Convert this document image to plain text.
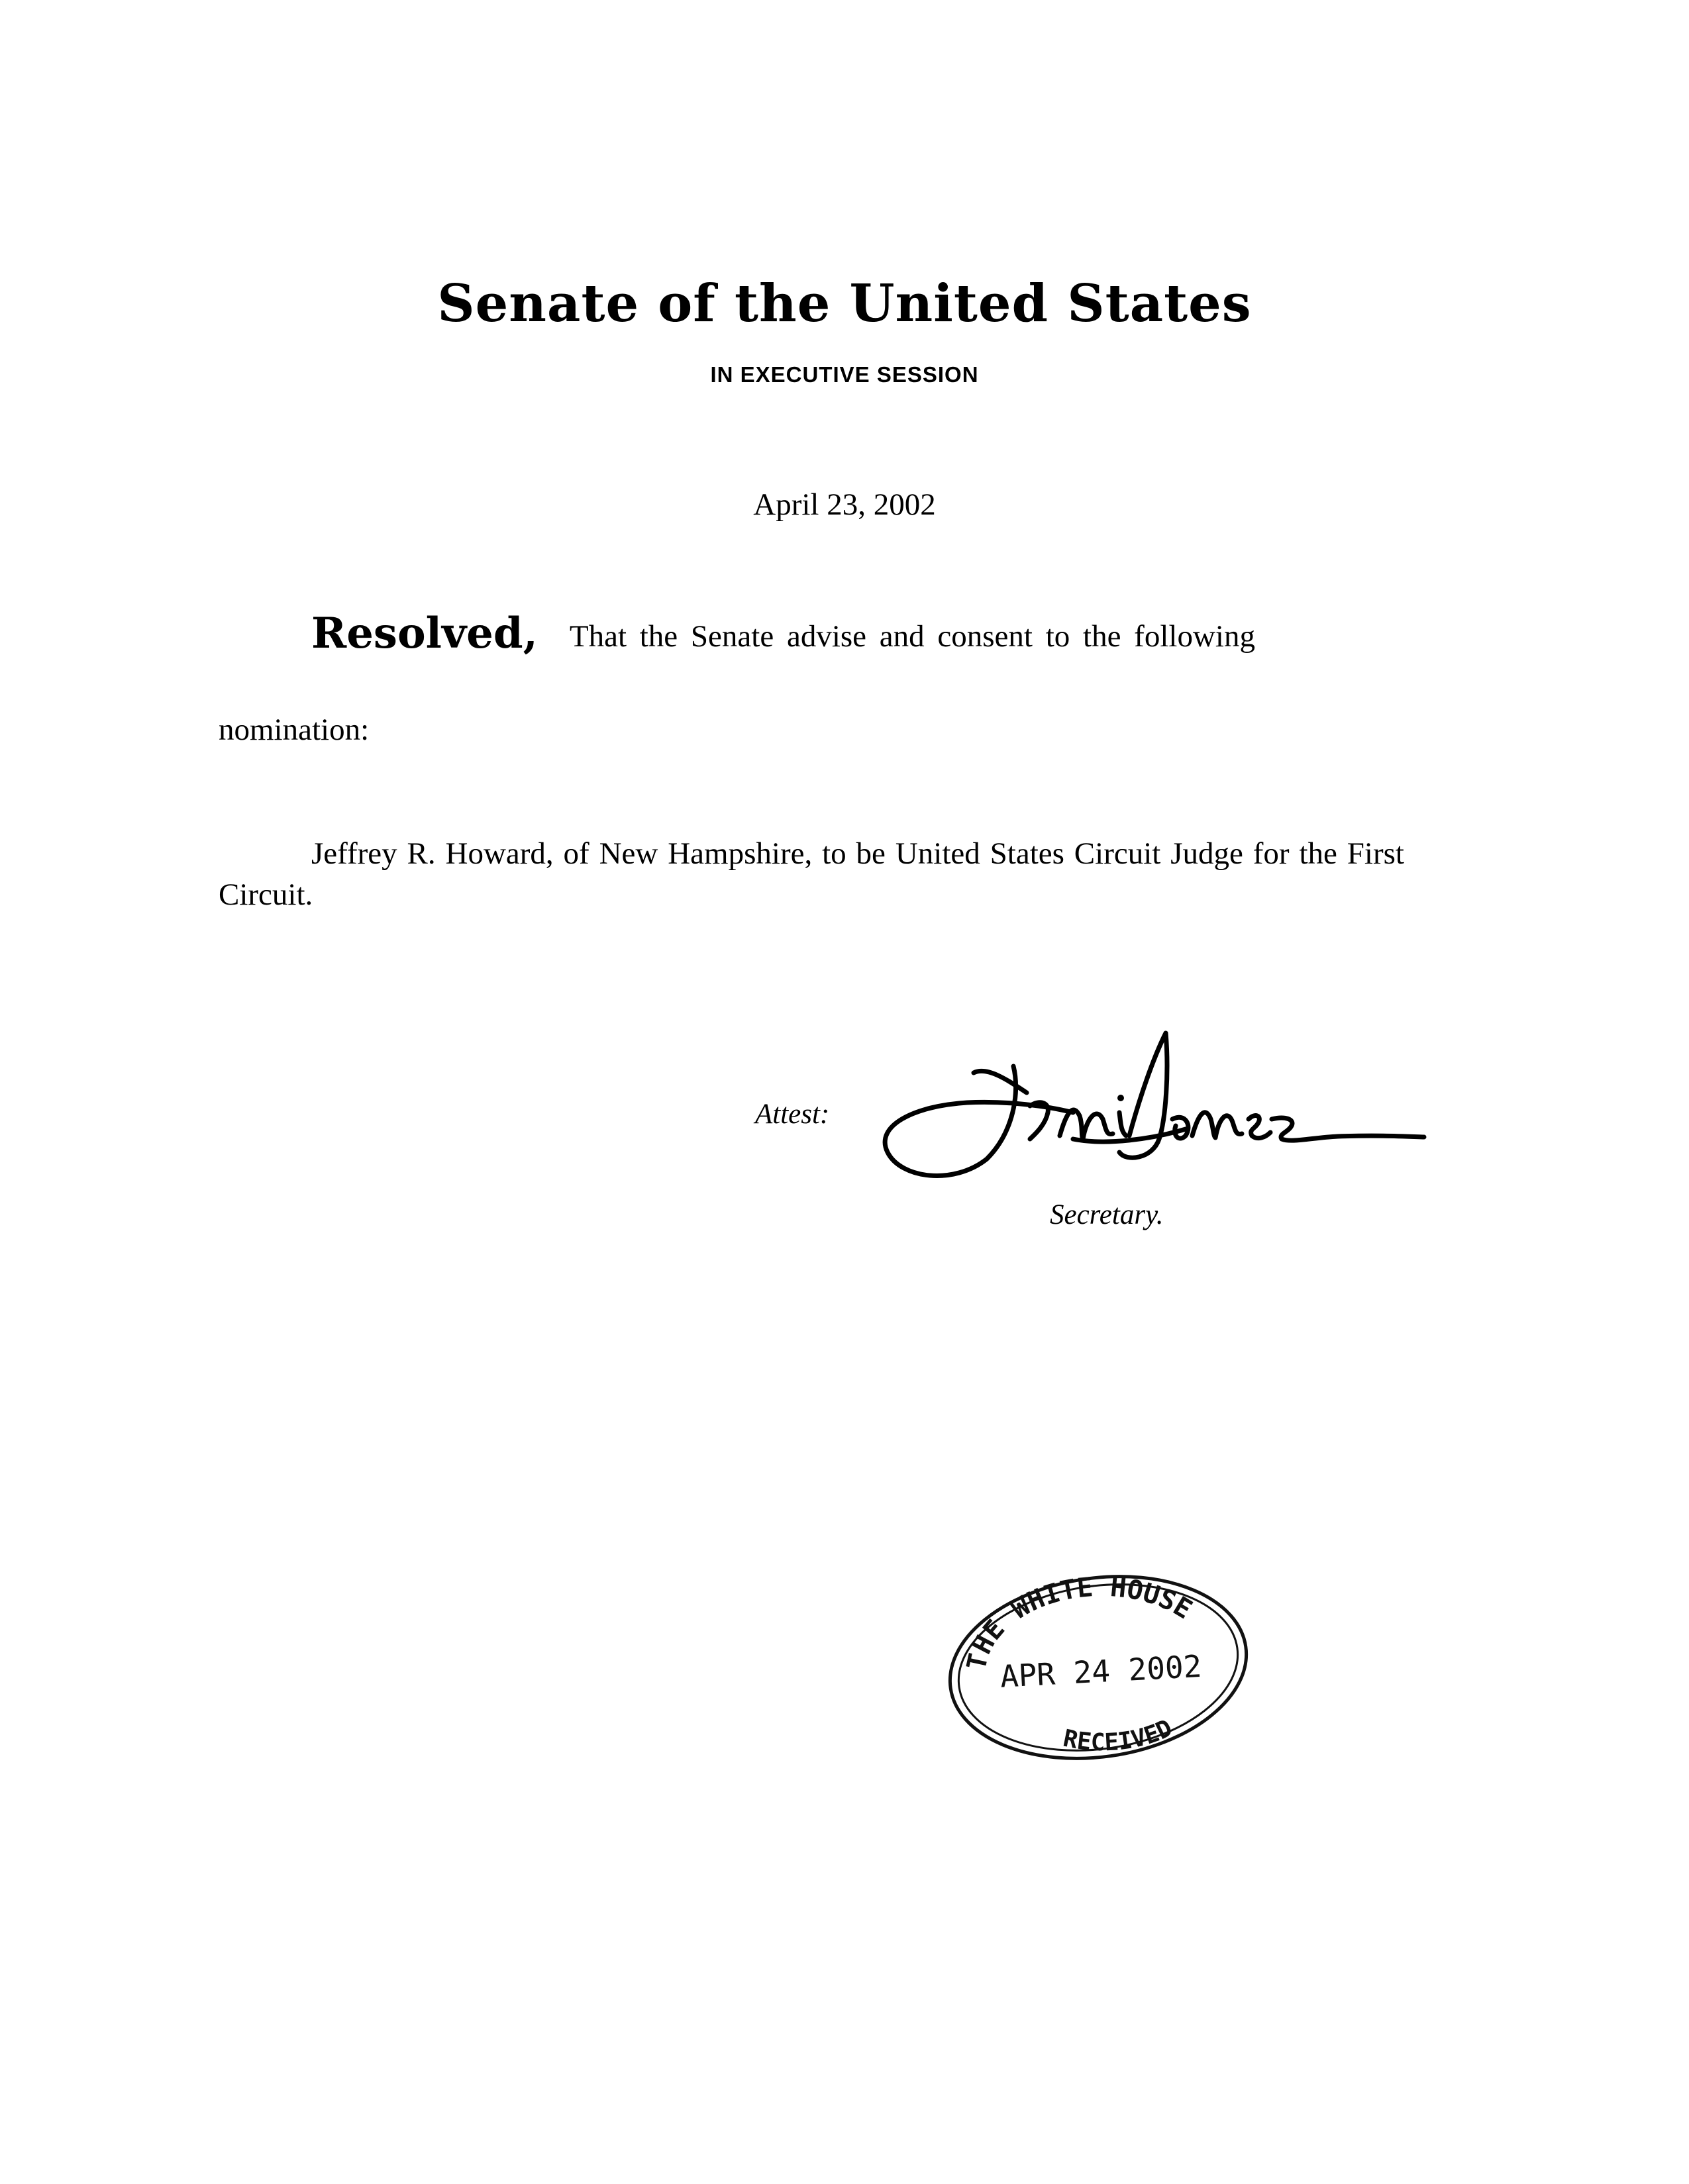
Senate of the United States
IN EXECUTIVE SESSION
April 23, 2002
Resolved, That the Senate advise and consent to the following
nomination:
Jeffrey R. Howard, of New Hampshire, to be United States Circuit Judge for the First Circuit.
Attest:
Secretary.
THE WHITE HOUSE
APR 24 2002
RECEIVED
